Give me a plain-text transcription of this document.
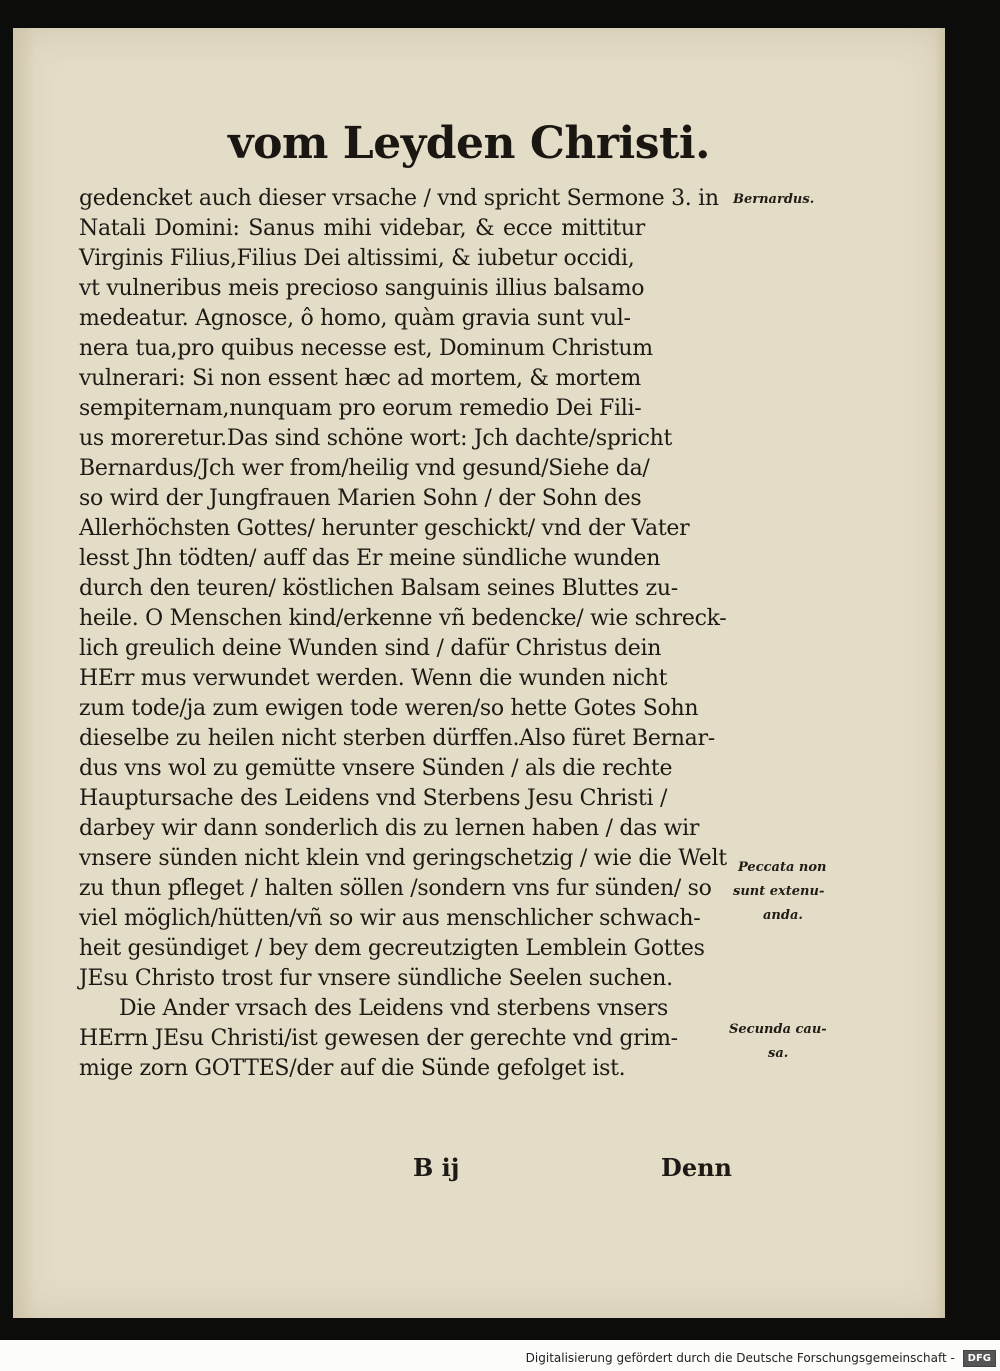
vom Leyden Christi.
gedencket auch dieser vrsache / vnd spricht Sermone 3. in
Natali Domini: Sanus mihi videbar, & ecce mittitur
Virginis Filius,Filius Dei altissimi, & iubetur occidi,
vt vulneribus meis precioso sanguinis illius balsamo
medeatur. Agnosce, ô homo, quàm gravia sunt vul-
nera tua,pro quibus necesse est, Dominum Christum
vulnerari: Si non essent hæc ad mortem, & mortem
sempiternam,nunquam pro eorum remedio Dei Fili-
us moreretur.Das sind schöne wort: Jch dachte/spricht
Bernardus/Jch wer from/heilig vnd gesund/Siehe da/
so wird der Jungfrauen Marien Sohn / der Sohn des
Allerhöchsten Gottes/ herunter geschickt/ vnd der Vater
lesst Jhn tödten/ auff das Er meine sündliche wunden
durch den teuren/ köstlichen Balsam seines Bluttes zu-
heile. O Menschen kind/erkenne vñ bedencke/ wie schreck-
lich greulich deine Wunden sind / dafür Christus dein
HErr mus verwundet werden. Wenn die wunden nicht
zum tode/ja zum ewigen tode weren/so hette Gotes Sohn
dieselbe zu heilen nicht sterben dürffen.Also füret Bernar-
dus vns wol zu gemütte vnsere Sünden / als die rechte
Hauptursache des Leidens vnd Sterbens Jesu Christi /
darbey wir dann sonderlich dis zu lernen haben / das wir
vnsere sünden nicht klein vnd geringschetzig / wie die Welt
zu thun pfleget / halten söllen /sondern vns fur sünden/ so
viel möglich/hütten/vñ so wir aus menschlicher schwach-
heit gesündiget / bey dem gecreutzigten Lemblein Gottes
JEsu Christo trost fur vnsere sündliche Seelen suchen.
Die Ander vrsach des Leidens vnd sterbens vnsers
HErrn JEsu Christi/ist gewesen der gerechte vnd grim-
mige zorn GOTTES/der auf die Sünde gefolget ist.
Bernardus.
Peccata non
sunt extenu-
anda.
Secunda cau-
sa.
B ij	Denn
Digitalisierung gefördert durch die Deutsche Forschungsgemeinschaft - DFG
